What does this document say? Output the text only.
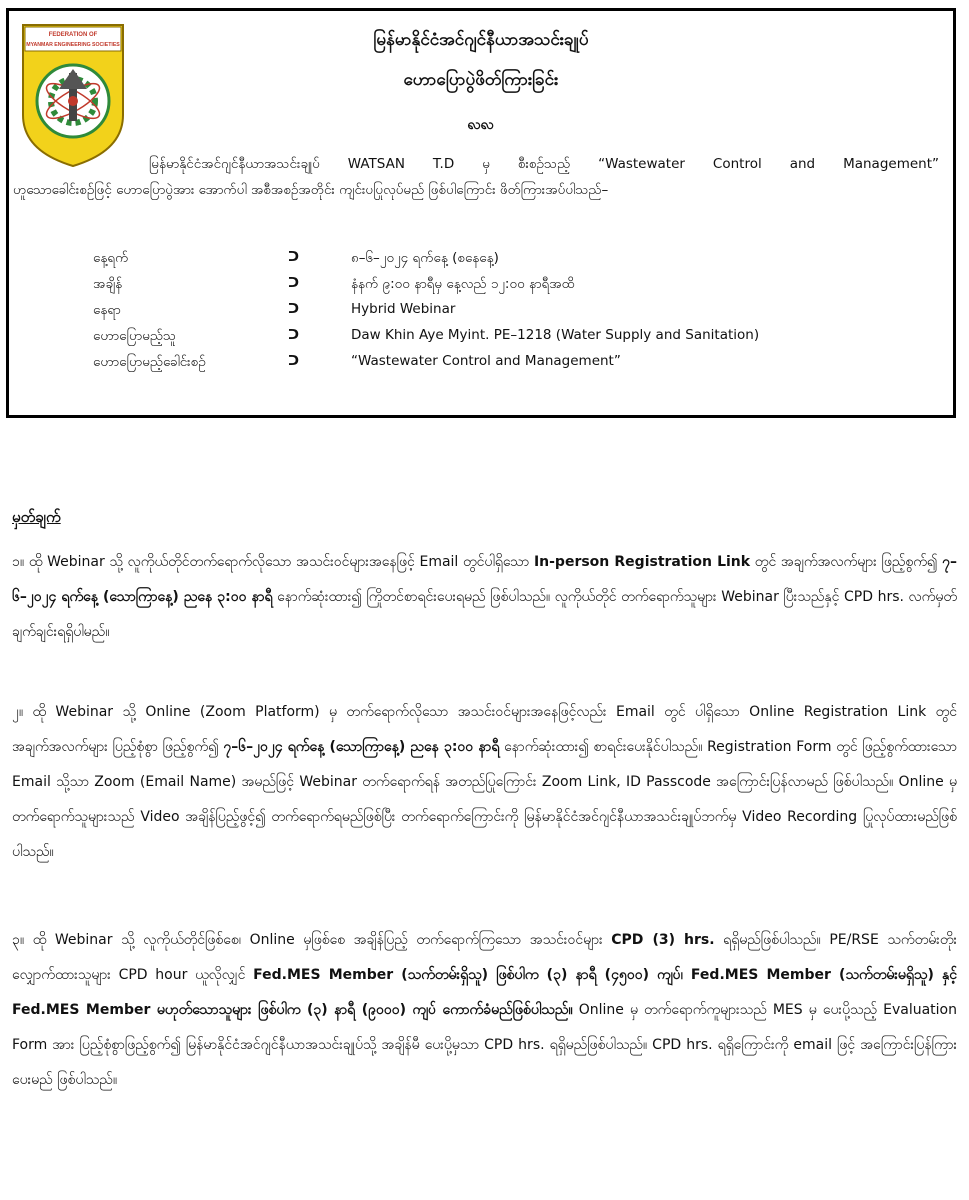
FEDERATION OF
MYANMAR ENGINEERING SOCIETIES	မြန်မာနိုင်ငံအင်ဂျင်နီယာအသင်းချုပ်
ဟောပြောပွဲဖိတ်ကြားခြင်း
ꩮꩮ
မြန်မာနိုင်ငံအင်ဂျင်နီယာအသင်းချုပ် WATSAN T.D မှ စီးစဉ်သည့် “Wastewater Control and Management”
ဟူသောခေါင်းစဉ်ဖြင့် ဟောပြောပွဲအား အောက်ပါ အစီအစဉ်အတိုင်း ကျင်းပပြုလုပ်မည် ဖြစ်ပါကြောင်း ဖိတ်ကြားအပ်ပါသည်–
နေ့ရက်	ᑐ	၈–၆–၂၀၂၄ ရက်နေ့ (စနေနေ့)
အချိန်	ᑐ	နံနက် ၉:၀၀ နာရီမှ နေ့လည် ၁၂:၀၀ နာရီအထိ
နေရာ	ᑐ	Hybrid Webinar
ဟောပြောမည့်သူ	ᑐ	Daw Khin Aye Myint. PE–1218 (Water Supply and Sanitation)
ဟောပြောမည့်ခေါင်းစဉ်	ᑐ	“Wastewater Control and Management”
မှတ်ချက်
၁။ ထို Webinar သို့ လူကိုယ်တိုင်တက်ရောက်လိုသော အသင်းဝင်များအနေဖြင့် Email တွင်ပါရှိသော In-person Registration Link တွင် အချက်အလက်များ ဖြည့်စွက်၍ ၇–၆–၂၀၂၄ ရက်နေ့ (သောကြာနေ့) ညနေ ၃:၀၀ နာရီ နောက်ဆုံးထား၍ ကြိုတင်စာရင်းပေးရမည် ဖြစ်ပါသည်။ လူကိုယ်တိုင် တက်ရောက်သူများ Webinar ပြီးသည်နှင့် CPD hrs. လက်မှတ်ချက်ချင်းရရှိပါမည်။
၂။ ထို Webinar သို့ Online (Zoom Platform) မှ တက်ရောက်လိုသော အသင်းဝင်များအနေဖြင့်လည်း Email တွင် ပါရှိသော Online Registration Link တွင် အချက်အလက်များ ပြည့်စုံစွာ ဖြည့်စွက်၍ ၇–၆–၂၀၂၄ ရက်နေ့ (သောကြာနေ့) ညနေ ၃:၀၀ နာရီ နောက်ဆုံးထား၍ စာရင်းပေးနိုင်ပါသည်။ Registration Form တွင် ဖြည့်စွက်ထားသော Email သို့သာ Zoom (Email Name) အမည်ဖြင့် Webinar တက်ရောက်ရန် အတည်ပြုကြောင်း Zoom Link, ID Passcode အကြောင်းပြန်လာမည် ဖြစ်ပါသည်။ Online မှ တက်ရောက်သူများသည် Video အချိန်ပြည့်ဖွင့်၍ တက်ရောက်ရမည်ဖြစ်ပြီး တက်ရောက်ကြောင်းကို မြန်မာနိုင်ငံအင်ဂျင်နီယာအသင်းချုပ်ဘက်မှ Video Recording ပြုလုပ်ထားမည်ဖြစ်ပါသည်။
၃။ ထို Webinar သို့ လူကိုယ်တိုင်ဖြစ်စေ၊ Online မှဖြစ်စေ အချိန်ပြည့် တက်ရောက်ကြသော အသင်းဝင်များ CPD (3) hrs. ရရှိမည်ဖြစ်ပါသည်။ PE/RSE သက်တမ်းတိုးလျှောက်ထားသူများ CPD hour ယူလိုလျှင် Fed.MES Member (သက်တမ်းရှိသူ) ဖြစ်ပါက (၃) နာရီ (၄၅၀၀) ကျပ်၊ Fed.MES Member (သက်တမ်းမရှိသူ) နှင့် Fed.MES Member မဟုတ်သောသူများ ဖြစ်ပါက (၃) နာရီ (၉၀၀၀) ကျပ် ကောက်ခံမည်ဖြစ်ပါသည်။ Online မှ တက်ရောက်ကူများသည် MES မှ ပေးပို့သည့် Evaluation Form အား ပြည့်စုံစွာဖြည့်စွက်၍ မြန်မာနိုင်ငံအင်ဂျင်နီယာအသင်းချုပ်သို့ အချိန်မီ ပေးပို့မှသာ CPD hrs. ရရှိမည်ဖြစ်ပါသည်။ CPD hrs. ရရှိကြောင်းကို email ဖြင့် အကြောင်းပြန်ကြားပေးမည် ဖြစ်ပါသည်။
